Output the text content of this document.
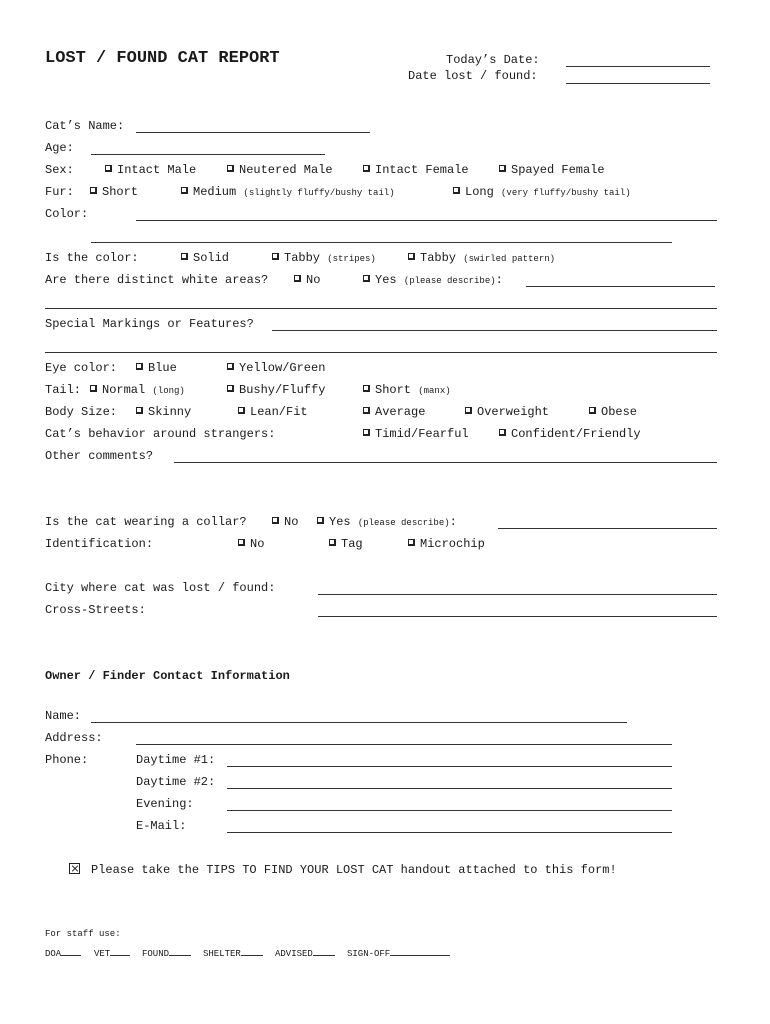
LOST / FOUND CAT REPORT	Today’s Date:
Date lost / found:
Cat’s Name:
Age:
Sex:	Intact Male	Neutered Male	Intact Female	Spayed Female
Fur:	Short	Medium (slightly fluffy/bushy tail)	Long (very fluffy/bushy tail)
Color:
Is the color:	Solid	Tabby (stripes)	Tabby (swirled pattern)
Are there distinct white areas?	No	Yes (please describe):
Special Markings or Features?
Eye color:	Blue	Yellow/Green
Tail:	Normal (long)	Bushy/Fluffy	Short (manx)
Body Size:	Skinny	Lean/Fit	Average	Overweight	Obese
Cat’s behavior around strangers:	Timid/Fearful	Confident/Friendly
Other comments?
Is the cat wearing a collar?	No	Yes (please describe):
Identification:	No	Tag	Microchip
City where cat was lost / found:
Cross-Streets:
Owner / Finder Contact Information
Name:
Address:
Phone:	Daytime #1:
Daytime #2:
Evening:
E-Mail:
Please take the TIPS TO FIND YOUR LOST CAT handout attached to this form!
For staff use:
DOA	VET	FOUND	SHELTER	ADVISED	SIGN-OFF
